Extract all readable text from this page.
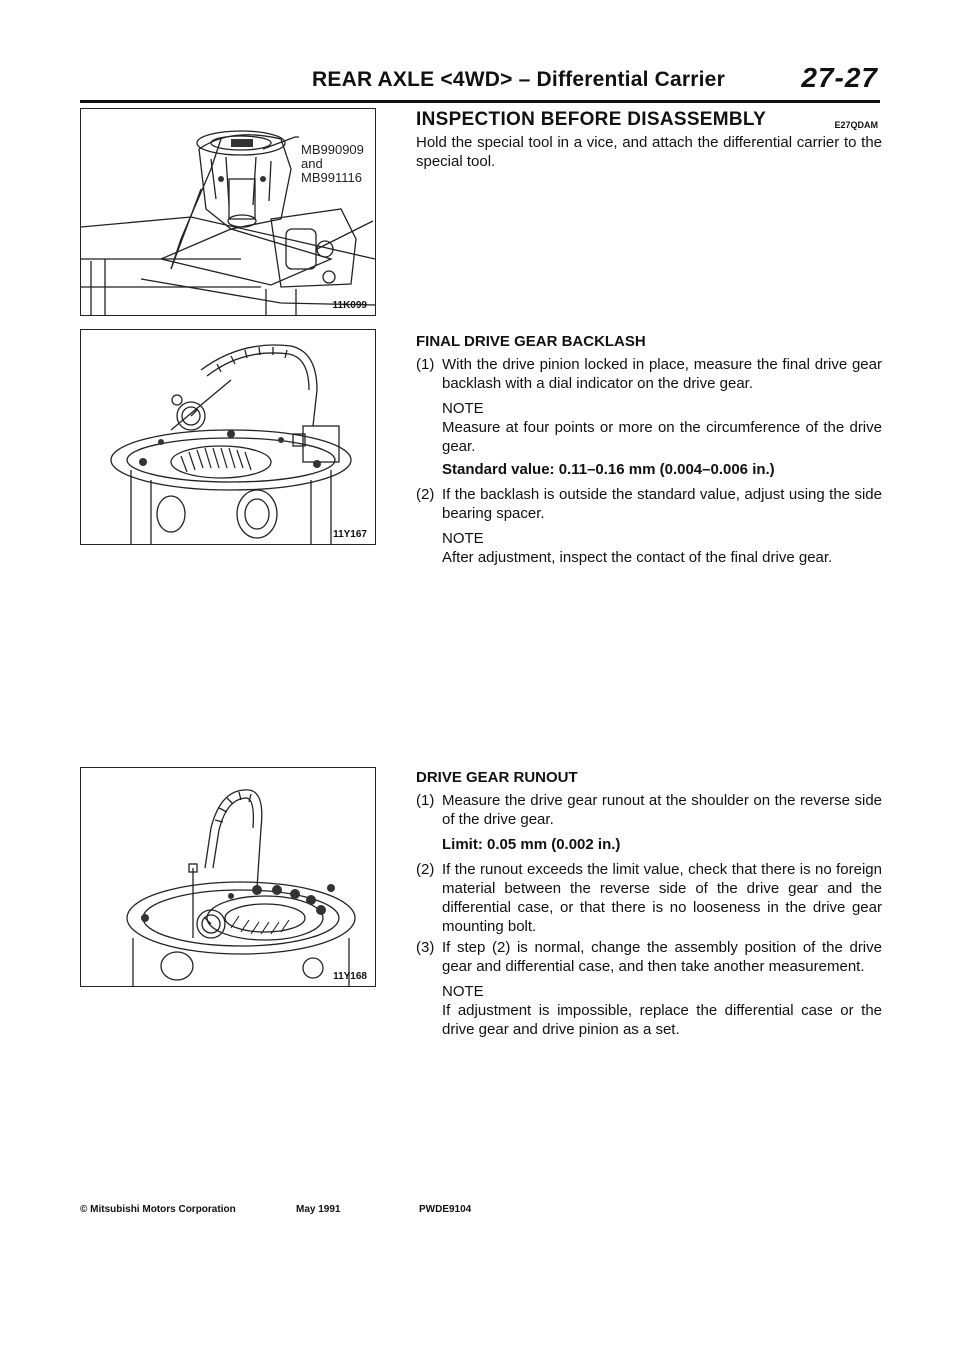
REAR AXLE <4WD> – Differential Carrier	27-27
MB990909
and
MB991116
11K099
11Y167
11Y168
INSPECTION BEFORE DISASSEMBLY	E27QDAM
Hold the special tool in a vice, and attach the differential carrier to the special tool.
FINAL DRIVE GEAR BACKLASH
(1) With the drive pinion locked in place, measure the final drive gear backlash with a dial indicator on the drive gear.
NOTE
Measure at four points or more on the circumference of the drive gear.
Standard value: 0.11–0.16 mm (0.004–0.006 in.)
(2) If the backlash is outside the standard value, adjust using the side bearing spacer.
NOTE
After adjustment, inspect the contact of the final drive gear.
DRIVE GEAR RUNOUT
(1) Measure the drive gear runout at the shoulder on the reverse side of the drive gear.
Limit: 0.05 mm (0.002 in.)
(2) If the runout exceeds the limit value, check that there is no foreign material between the reverse side of the drive gear and the differential case, or that there is no looseness in the drive gear mounting bolt.
(3) If step (2) is normal, change the assembly position of the drive gear and differential case, and then take another measurement.
NOTE
If adjustment is impossible, replace the differential case or the drive gear and drive pinion as a set.
© Mitsubishi Motors Corporation	May 1991	PWDE9104
